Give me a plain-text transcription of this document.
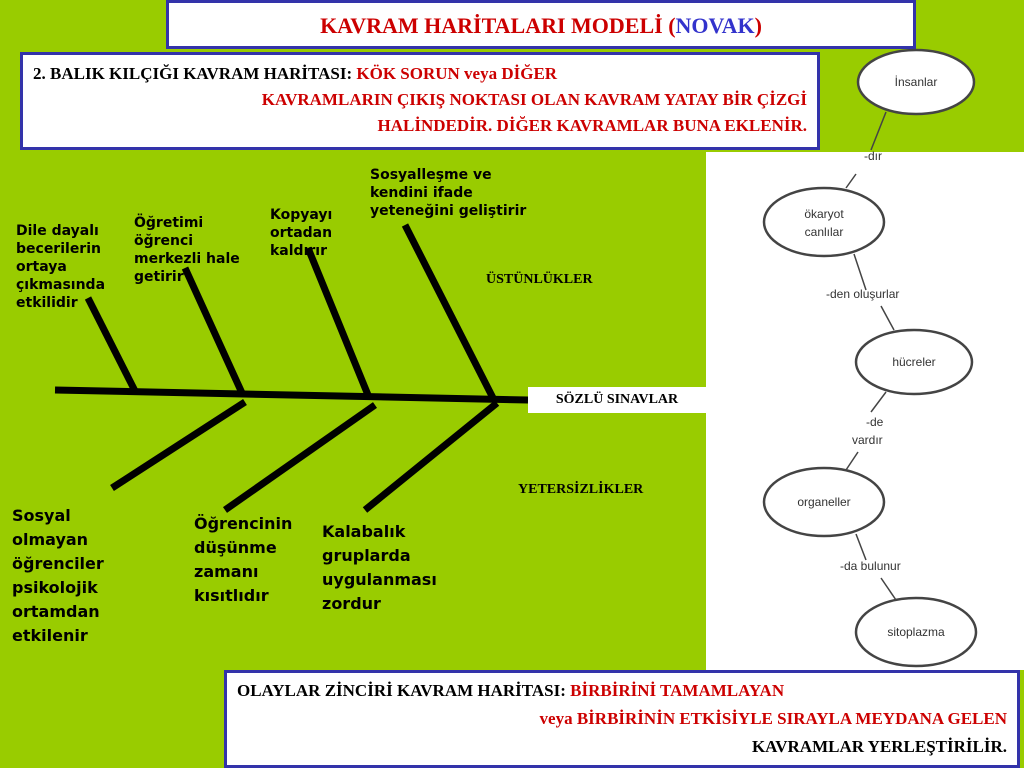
KAVRAM HARİTALARI MODELİ (NOVAK)
2. BALIK KILÇIĞI KAVRAM HARİTASI: KÖK SORUN veya DİĞER
KAVRAMLARIN ÇIKIŞ NOKTASI OLAN KAVRAM YATAY BİR ÇİZGİ
HALİNDEDİR. DİĞER KAVRAMLAR BUNA EKLENİR.
İnsanlar
ökaryot
canlılar
hücreler
organeller
sitoplazma
-dır
-den oluşurlar
-de
vardır
-da bulunur
SÖZLÜ SINAVLAR
ÜSTÜNLÜKLER
YETERSİZLİKLER
Dile dayalı becerilerin ortaya çıkmasında etkilidir
Öğretimi öğrenci merkezli hale getirir
Kopyayı ortadan kaldırır
Sosyalleşme ve kendini ifade yeteneğini geliştirir
Sosyal olmayan öğrenciler psikolojik ortamdan etkilenir
Öğrencinin düşünme zamanı kısıtlıdır
Kalabalık gruplarda uygulanması zordur
OLAYLAR ZİNCİRİ KAVRAM HARİTASI: BİRBİRİNİ TAMAMLAYAN
veya BİRBİRİNİN ETKİSİYLE SIRAYLA MEYDANA GELEN
KAVRAMLAR YERLEŞTİRİLİR.
